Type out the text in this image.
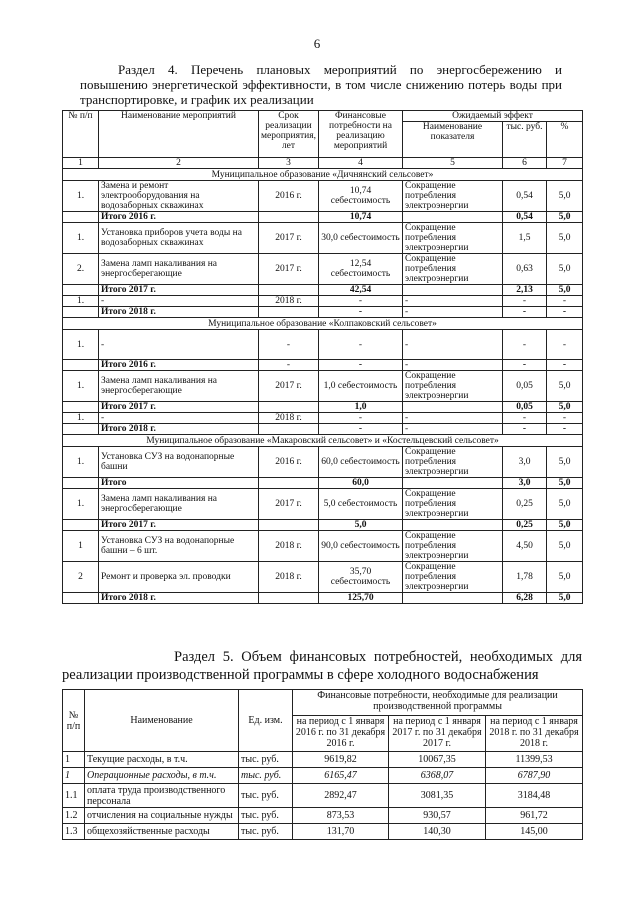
6
Раздел 4. Перечень плановых мероприятий по энергосбережению и повышению энергетической эффективности, в том числе снижению потерь воды при транспортировке, и график их реализации
№ п/п	Наименование мероприятий	Срок реализации мероприятия, лет	Финансовые потребности на реализацию мероприятий	Ожидаемый эффект		
				Наименование показателя	тыс. руб.	%
1	2	3	4	5	6	7
Муниципальное образование «Дичнянский сельсовет»						
1.	Замена и ремонт электрооборудования на водозаборных скважинах	2016 г.	10,74 себестоимость	Сокращение потребления электроэнергии	0,54	5,0
	Итого 2016 г.		10,74		0,54	5,0
1.	Установка приборов учета воды на водозаборных скважинах	2017 г.	30,0 себестоимость	Сокращение потребления электроэнергии	1,5	5,0
2.	Замена ламп накаливания на энергосберегающие	2017 г.	12,54 себестоимость	Сокращение потребления электроэнергии	0,63	5,0
	Итого 2017 г.		42,54		2,13	5,0
1.	-	2018 г.	-	-	-	-
	Итого 2018 г.		-	-	-	-
Муниципальное образование «Колпаковский сельсовет»						
1.	-	-	-	-	-	-
	Итого 2016 г.	-	-	-	-	-
1.	Замена ламп накаливания на энергосберегающие	2017 г.	1,0 себестоимость	Сокращение потребления электроэнергии	0,05	5,0
	Итого 2017 г.		1,0		0,05	5,0
1.	-	2018 г.	-	-	-	-
	Итого 2018 г.		-	-	-	-
Муниципальное образование «Макаровский сельсовет» и «Костельцевский сельсовет»						
1.	Установка СУЗ на водонапорные башни	2016 г.	60,0 себестоимость	Сокращение потребления электроэнергии	3,0	5,0
	Итого		60,0		3,0	5,0
1.	Замена ламп накаливания на энергосберегающие	2017 г.	5,0 себестоимость	Сокращение потребления электроэнергии	0,25	5,0
	Итого 2017 г.		5,0		0,25	5,0
1	Установка СУЗ на водонапорные башни – 6 шт.	2018 г.	90,0 себестоимость	Сокращение потребления электроэнергии	4,50	5,0
2	Ремонт и проверка эл. проводки	2018 г.	35,70 себестоимость	Сокращение потребления электроэнергии	1,78	5,0
	Итого 2018 г.		125,70		6,28	5,0
Раздел 5. Объем финансовых потребностей, необходимых для реализации производственной программы в сфере холодного водоснабжения
№ п/п	Наименование	Ед. изм.	Финансовые потребности, необходимые для реализации производственной программы		
			на период с 1 января 2016 г. по 31 декабря 2016 г.	на период с 1 января 2017 г. по 31 декабря 2017 г.	на период с 1 января 2018 г. по 31 декабря 2018 г.
1	Текущие расходы, в т.ч.	тыс. руб.	9619,82	10067,35	11399,53
1	Операционные расходы, в т.ч.	тыс. руб.	6165,47	6368,07	6787,90
1.1	оплата труда производственного персонала	тыс. руб.	2892,47	3081,35	3184,48
1.2	отчисления на социальные нужды	тыс. руб.	873,53	930,57	961,72
1.3	общехозяйственные расходы	тыс. руб.	131,70	140,30	145,00
